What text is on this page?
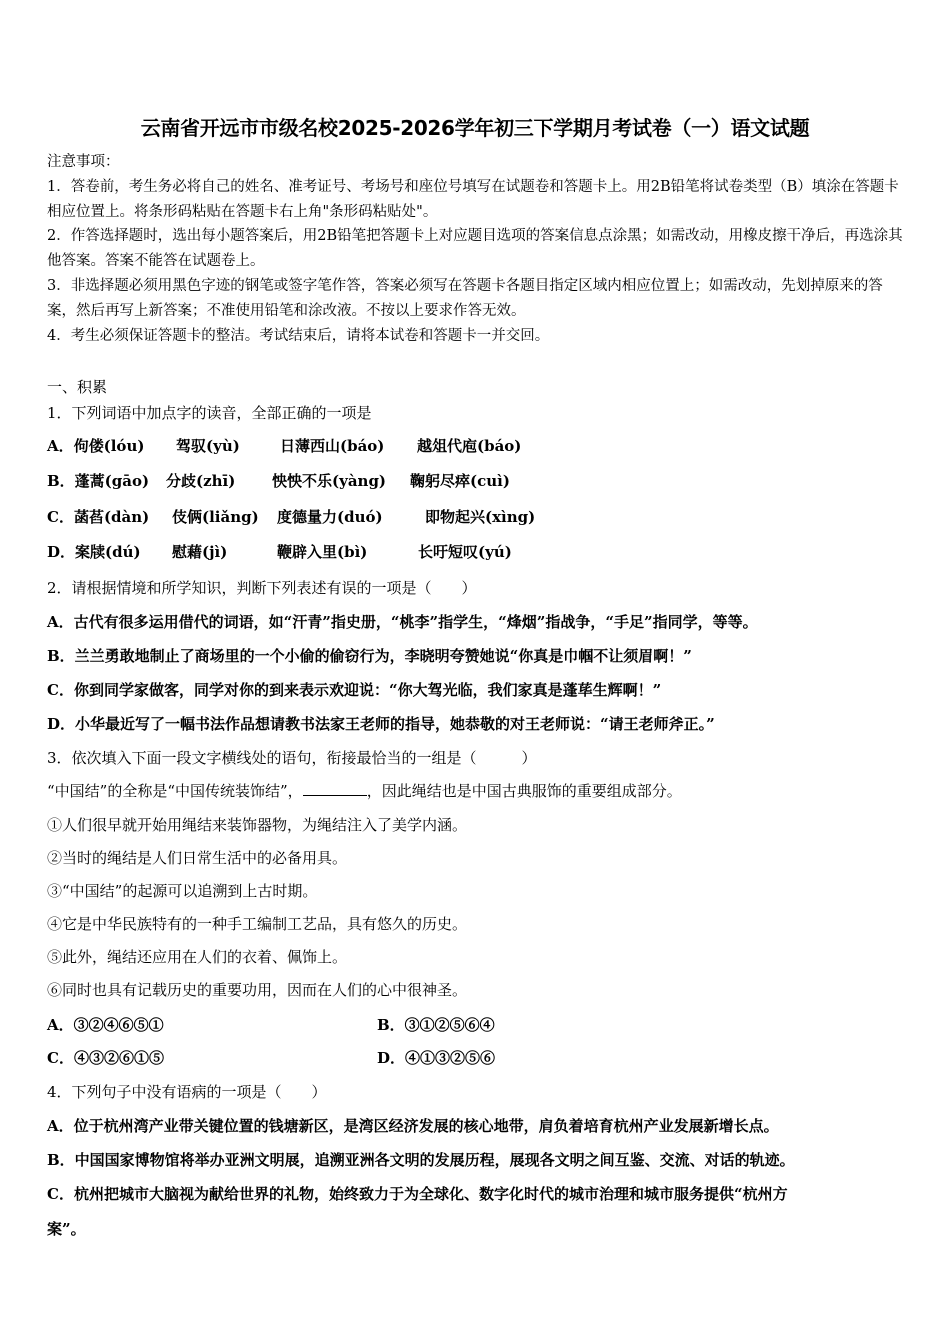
云南省开远市市级名校2025-2026学年初三下学期月考试卷（一）语文试题

注意事项：

1．答卷前，考生务必将自己的姓名、准考证号、考场号和座位号填写在试题卷和答题卡上。用2B铅笔将试卷类型（B）填涂在答题卡相应位置上。将条形码粘贴在答题卡右上角"条形码粘贴处"。

2．作答选择题时，选出每小题答案后，用2B铅笔把答题卡上对应题目选项的答案信息点涂黑；如需改动，用橡皮擦干净后，再选涂其他答案。答案不能答在试题卷上。

3．非选择题必须用黑色字迹的钢笔或签字笔作答，答案必须写在答题卡各题目指定区域内相应位置上；如需改动，先划掉原来的答案，然后再写上新答案；不准使用铅笔和涂改液。不按以上要求作答无效。

4．考生必须保证答题卡的整洁。考试结束后，请将本试卷和答题卡一并交回。

一、积累
1．下列词语中加点字的读音，全部正确的一项是
A．佝偻(lóu) 驾驭(yù)	日薄西山(báo) 越俎代庖(báo)
B．蓬蒿(gāo) 分歧(zhī) 怏怏不乐(yàng) 鞠躬尽瘁(cuì)
C．菡萏(dàn) 伎俩(liǎng) 度德量力(duó)	即物起兴(xìng)
D．案牍(dú) 慰藉(jì)	鞭辟入里(bì)	长吁短叹(yú)
2．请根据情境和所学知识，判断下列表述有误的一项是（　　）
A．古代有很多运用借代的词语，如“汗青”指史册，“桃李”指学生，“烽烟”指战争，“手足”指同学，等等。
B．兰兰勇敢地制止了商场里的一个小偷的偷窃行为，李晓明夸赞她说“你真是巾帼不让须眉啊！”
C．你到同学家做客，同学对你的到来表示欢迎说：“你大驾光临，我们家真是蓬荜生辉啊！”
D．小华最近写了一幅书法作品想请教书法家王老师的指导，她恭敬的对王老师说：“请王老师斧正。”
3．依次填入下面一段文字横线处的语句，衔接最恰当的一组是（　　　）
“中国结”的全称是“中国传统装饰结”，	，因此绳结也是中国古典服饰的重要组成部分。
①人们很早就开始用绳结来装饰器物，为绳结注入了美学内涵。
②当时的绳结是人们日常生活中的必备用具。
③“中国结”的起源可以追溯到上古时期。
④它是中华民族特有的一种手工编制工艺品，具有悠久的历史。
⑤此外，绳结还应用在人们的衣着、佩饰上。
⑥同时也具有记载历史的重要功用，因而在人们的心中很神圣。
A．③②④⑥⑤①	B．③①②⑤⑥④
C．④③②⑥①⑤	D．④①③②⑤⑥
4．下列句子中没有语病的一项是（　　）
A．位于杭州湾产业带关键位置的钱塘新区，是湾区经济发展的核心地带，肩负着培育杭州产业发展新增长点。
B．中国国家博物馆将举办亚洲文明展，追溯亚洲各文明的发展历程，展现各文明之间互鉴、交流、对话的轨迹。
C．杭州把城市大脑视为献给世界的礼物，始终致力于为全球化、数字化时代的城市治理和城市服务提供“杭州方
案”。
